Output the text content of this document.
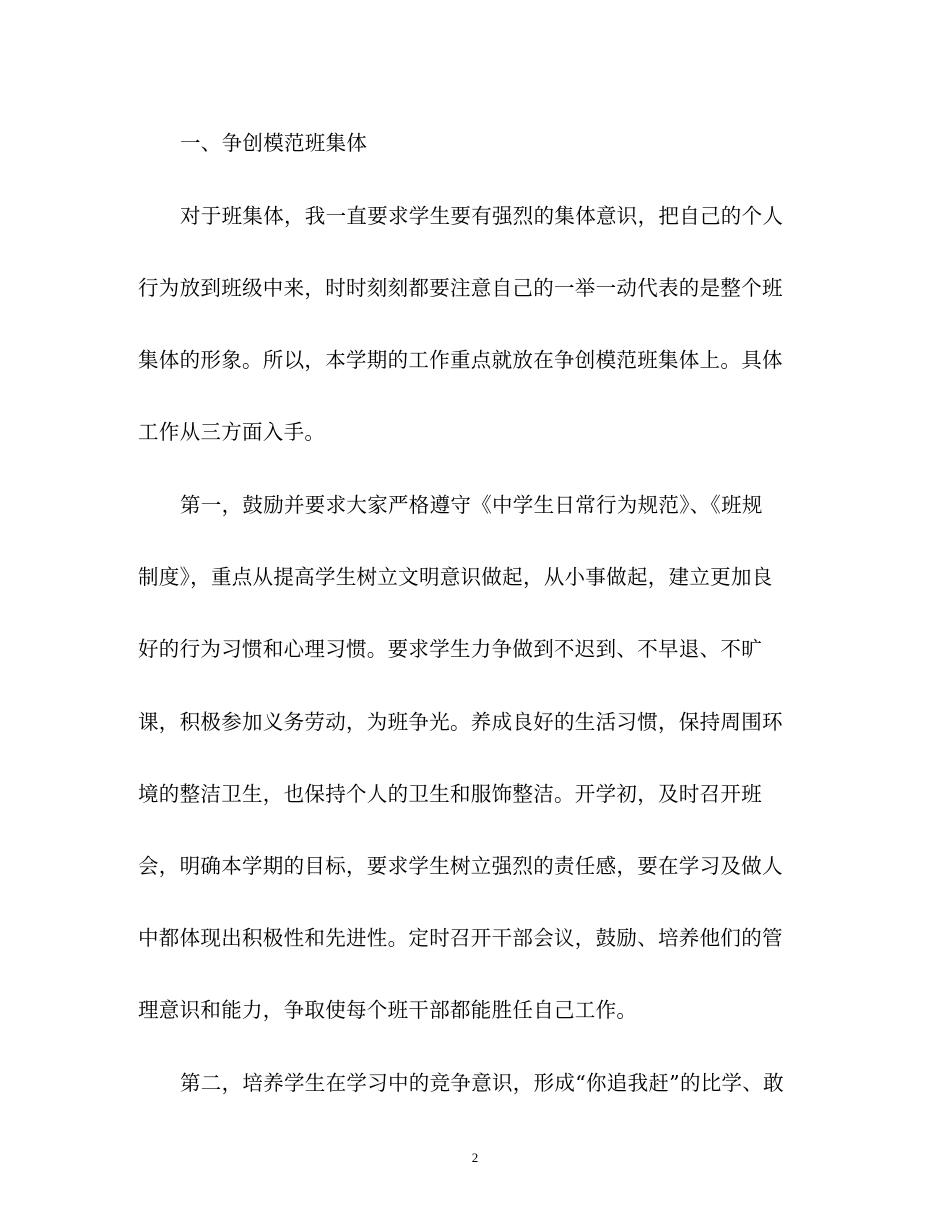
一、争创模范班集体
对于班集体，我一直要求学生要有强烈的集体意识，把自己的个人
行为放到班级中来，时时刻刻都要注意自己的一举一动代表的是整个班
集体的形象。所以，本学期的工作重点就放在争创模范班集体上。具体
工作从三方面入手。
第一，鼓励并要求大家严格遵守《中学生日常行为规范》、《班规
制度》，重点从提高学生树立文明意识做起，从小事做起，建立更加良
好的行为习惯和心理习惯。要求学生力争做到不迟到、不早退、不旷
课，积极参加义务劳动，为班争光。养成良好的生活习惯，保持周围环
境的整洁卫生，也保持个人的卫生和服饰整洁。开学初，及时召开班
会，明确本学期的目标，要求学生树立强烈的责任感，要在学习及做人
中都体现出积极性和先进性。定时召开干部会议，鼓励、培养他们的管
理意识和能力，争取使每个班干部都能胜任自己工作。
第二，培养学生在学习中的竞争意识，形成“你追我赶”的比学、敢
2
